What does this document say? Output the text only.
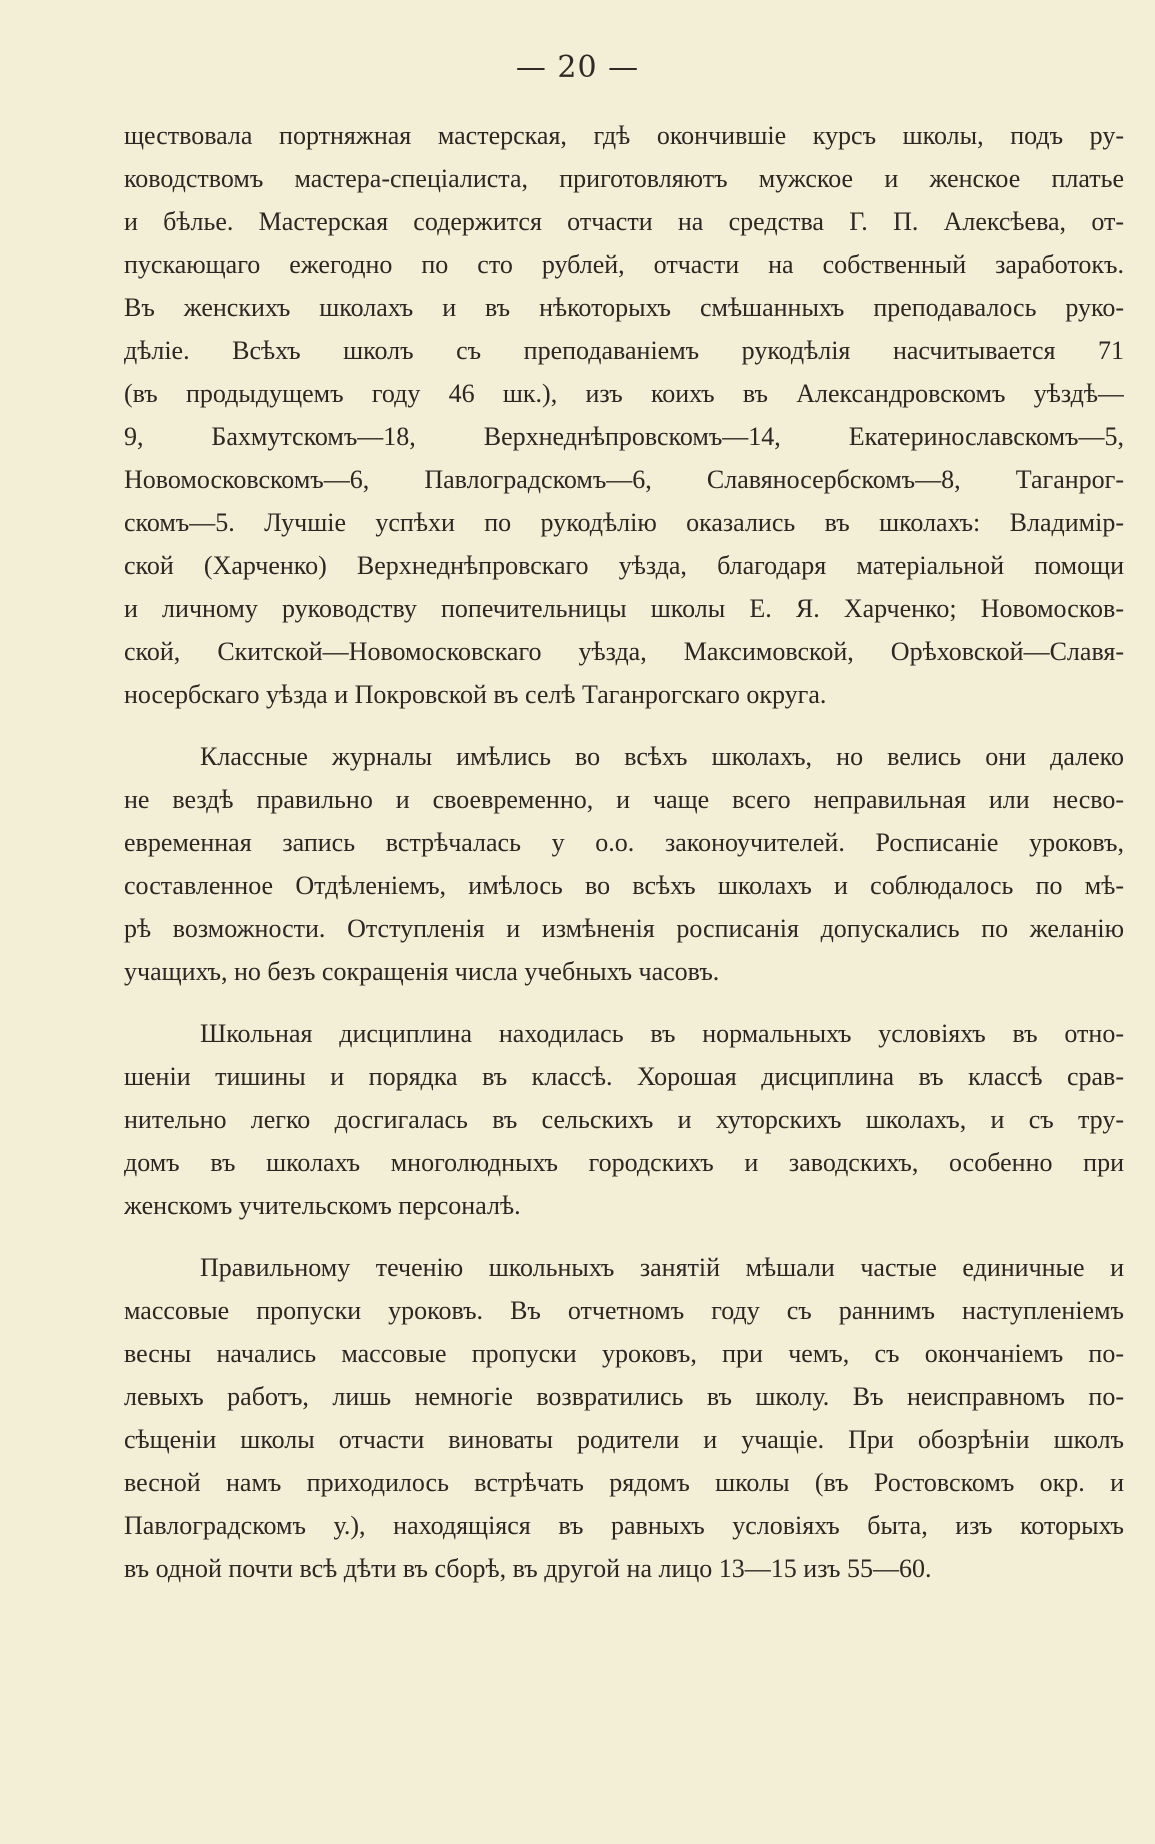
— 20 —
ществовала портняжная мастерская, гдѣ окончившіе курсъ школы, подъ ру-
ководствомъ мастера-спеціалиста, приготовляютъ мужское и женское платье
и бѣлье. Мастерская содержится отчасти на средства Г. П. Алексѣева, от-
пускающаго ежегодно по сто рублей, отчасти на собственный заработокъ.
Въ женскихъ школахъ и въ нѣкоторыхъ смѣшанныхъ преподавалось руко-
дѣліе. Всѣхъ школъ съ преподаваніемъ рукодѣлія насчитывается 71
(въ продыдущемъ году 46 шк.), изъ коихъ въ Александровскомъ уѣздѣ—
9, Бахмутскомъ—18, Верхнеднѣпровскомъ—14, Екатеринославскомъ—5,
Новомосковскомъ—6, Павлоградскомъ—6, Славяносербскомъ—8, Таганрог-
скомъ—5. Лучшіе успѣхи по рукодѣлію оказались въ школахъ: Владимір-
ской (Харченко) Верхнеднѣпровскаго уѣзда, благодаря матеріальной помощи
и личному руководству попечительницы школы Е. Я. Харченко; Новомосков-
ской, Скитской—Новомосковскаго уѣзда, Максимовской, Орѣховской—Славя-
носербскаго уѣзда и Покровской въ селѣ Таганрогскаго округа.
Классные журналы имѣлись во всѣхъ школахъ, но велись они далеко
не вездѣ правильно и своевременно, и чаще всего неправильная или несво-
евременная запись встрѣчалась у о.о. законоучителей. Росписаніе уроковъ,
составленное Отдѣленіемъ, имѣлось во всѣхъ школахъ и соблюдалось по мѣ-
рѣ возможности. Отступленія и измѣненія росписанія допускались по желанію
учащихъ, но безъ сокращенія числа учебныхъ часовъ.
Школьная дисциплина находилась въ нормальныхъ условіяхъ въ отно-
шеніи тишины и порядка въ классѣ. Хорошая дисциплина въ классѣ срав-
нительно легко досгигалась въ сельскихъ и хуторскихъ школахъ, и съ тру-
домъ въ школахъ многолюдныхъ городскихъ и заводскихъ, особенно при
женскомъ учительскомъ персоналѣ.
Правильному теченію школьныхъ занятій мѣшали частые единичные и
массовые пропуски уроковъ. Въ отчетномъ году съ раннимъ наступленіемъ
весны начались массовые пропуски уроковъ, при чемъ, съ окончаніемъ по-
левыхъ работъ, лишь немногіе возвратились въ школу. Въ неисправномъ по-
сѣщеніи школы отчасти виноваты родители и учащіе. При обозрѣніи школъ
весной намъ приходилось встрѣчать рядомъ школы (въ Ростовскомъ окр. и
Павлоградскомъ у.), находящіяся въ равныхъ условіяхъ быта, изъ которыхъ
въ одной почти всѣ дѣти въ сборѣ, въ другой на лицо 13—15 изъ 55—60.
